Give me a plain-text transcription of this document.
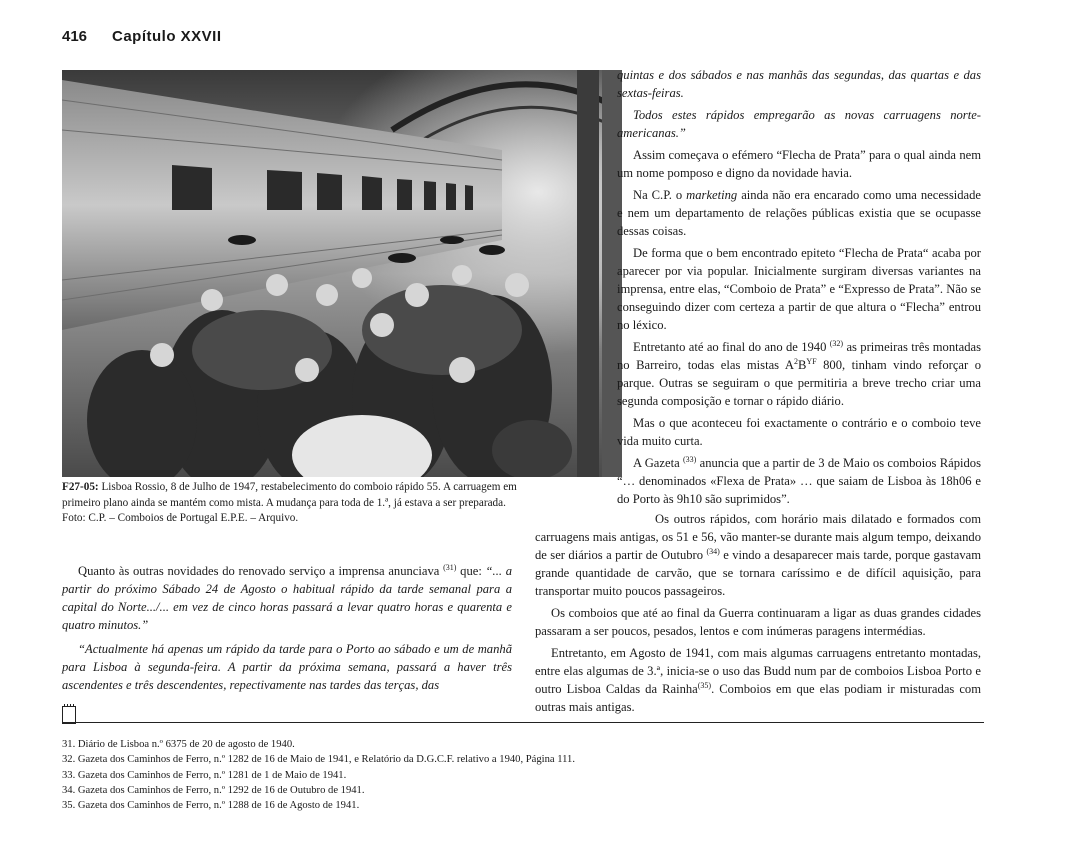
416 Capítulo XXVII
F27-05: Lisboa Rossio, 8 de Julho de 1947, restabelecimento do comboio rápido 55. A carruagem em
primeiro plano ainda se mantém como mista. A mudança para toda de 1.ª, já estava a ser preparada.
Foto: C.P. – Comboios de Portugal E.P.E. – Arquivo.

Quanto às outras novidades do renovado serviço a imprensa anunciava $^{(31)}$ que: “... a partir do próximo Sábado 24 de Agosto o habitual rápido da tarde semanal para a capital do Norte.../... em vez de cinco horas passará a levar quatro horas e quarenta e quatro minutos.”

“Actualmente há apenas um rápido da tarde para o Porto ao sábado e um de manhã para Lisboa à segunda-feira. A partir da próxima semana, passará a haver três ascendentes e três descendentes, repectivamente nas tardes das terças, das

quintas e dos sábados e nas manhãs das segundas, das quartas e das sextas-feiras.

Todos estes rápidos empregarão as novas carruagens norte-americanas.”

Assim começava o efémero “Flecha de Prata” para o qual ainda nem um nome pomposo e digno da novidade havia.

Na C.P. o marketing ainda não era encarado como uma necessidade e nem um departamento de relações públicas existia que se ocupasse dessas coisas.

De forma que o bem encontrado epiteto “Flecha de Prata“ acaba por aparecer por via popular. Inicialmente surgiram diversas variantes na imprensa, entre elas, “Comboio de Prata” e “Expresso de Prata”. Não se conseguindo dizer com certeza a partir de que altura o “Flecha” entrou no léxico.

Entretanto até ao final do ano de 1940 $^{(32)}$ as primeiras três montadas no Barreiro, todas elas mistas $A^2B^{YF}$ 800, tinham vindo reforçar o parque. Outras se seguiram o que permitiria a breve trecho criar uma segunda composição e tornar o rápido diário.

Mas o que aconteceu foi exactamente o contrário e o comboio teve vida muito curta.

A Gazeta $^{(33)}$ anuncia que a partir de 3 de Maio os comboios Rápidos “… denominados «Flexa de Prata» … que saiam de Lisboa às 18h06 e do Porto às 9h10 são suprimidos”.

Os outros rápidos, com horário mais dilatado e formados com carruagens mais antigas, os 51 e 56, vão manter-se durante mais algum tempo, deixando de ser diários a partir de Outubro $^{(34)}$ e vindo a desaparecer mais tarde, porque gastavam grande quantidade de carvão, que se tornara caríssimo e de difícil aquisição, para transportar muito poucos passageiros.

Os comboios que até ao final da Guerra continuaram a ligar as duas grandes cidades passaram a ser poucos, pesados, lentos e com inúmeras paragens intermédias.

Entretanto, em Agosto de 1941, com mais algumas carruagens entretanto montadas, entre elas algumas de 3.ª, inicia-se o uso das Budd num par de comboios Lisboa Porto e outro Lisboa Caldas da Rainha$^{(35)}$. Comboios em que elas podiam ir misturadas com outras mais antigas.

31. Diário de Lisboa n.º 6375 de 20 de agosto de 1940.
32. Gazeta dos Caminhos de Ferro, n.º 1282 de 16 de Maio de 1941, e Relatório da D.G.C.F. relativo a 1940, Página 111.
33. Gazeta dos Caminhos de Ferro, n.º 1281 de 1 de Maio de 1941.
34. Gazeta dos Caminhos de Ferro, n.º 1292 de 16 de Outubro de 1941.
35. Gazeta dos Caminhos de Ferro, n.º 1288 de 16 de Agosto de 1941.
